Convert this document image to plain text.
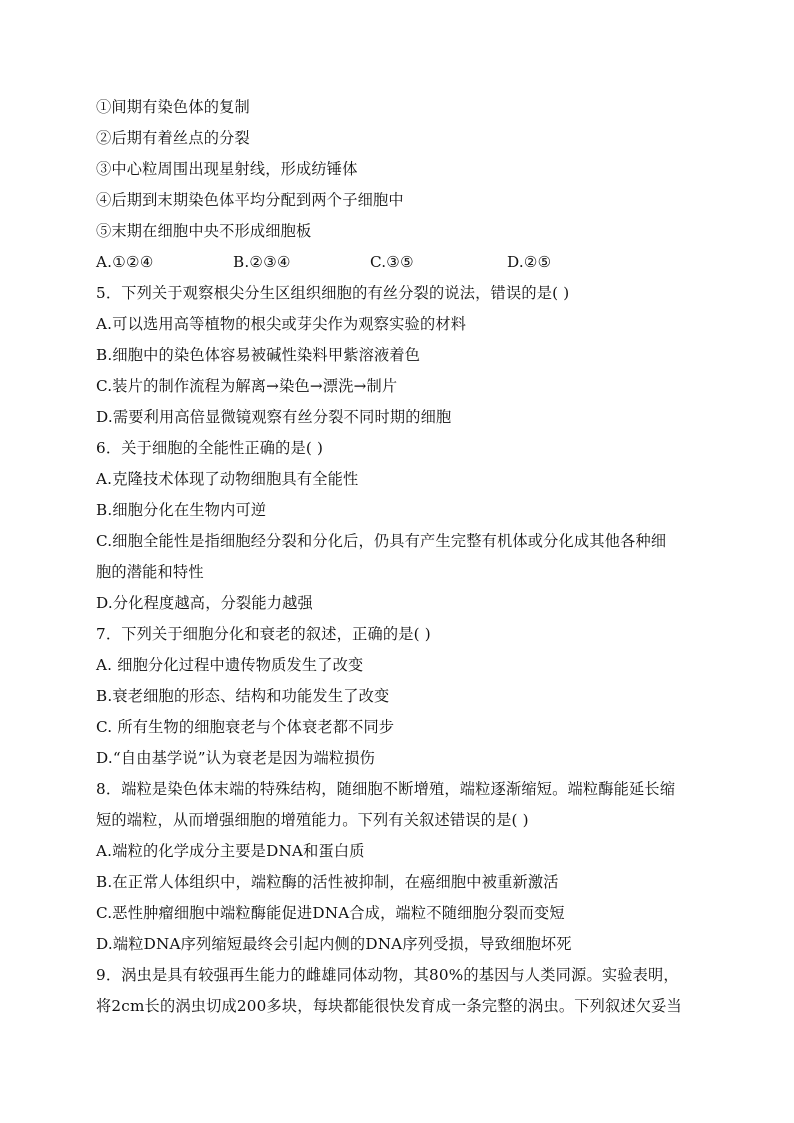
①间期有染色体的复制
②后期有着丝点的分裂
③中心粒周围出现星射线，形成纺锤体
④后期到末期染色体平均分配到两个子细胞中
⑤末期在细胞中央不形成细胞板
A.①②④	B.②③④	C.③⑤	D.②⑤
5．下列关于观察根尖分生区组织细胞的有丝分裂的说法，错误的是( )
A.可以选用高等植物的根尖或芽尖作为观察实验的材料
B.细胞中的染色体容易被碱性染料甲紫溶液着色
C.装片的制作流程为解离→染色→漂洗→制片
D.需要利用高倍显微镜观察有丝分裂不同时期的细胞
6．关于细胞的全能性正确的是( )
A.克隆技术体现了动物细胞具有全能性
B.细胞分化在生物内可逆
C.细胞全能性是指细胞经分裂和分化后，仍具有产生完整有机体或分化成其他各种细
胞的潜能和特性
D.分化程度越高，分裂能力越强
7．下列关于细胞分化和衰老的叙述，正确的是( )
A. 细胞分化过程中遗传物质发生了改变
B.衰老细胞的形态、结构和功能发生了改变
C. 所有生物的细胞衰老与个体衰老都不同步
D.“自由基学说”认为衰老是因为端粒损伤
8．端粒是染色体末端的特殊结构，随细胞不断增殖，端粒逐渐缩短。端粒酶能延长缩
短的端粒，从而增强细胞的增殖能力。下列有关叙述错误的是( )
A.端粒的化学成分主要是DNA和蛋白质
B.在正常人体组织中，端粒酶的活性被抑制，在癌细胞中被重新激活
C.恶性肿瘤细胞中端粒酶能促进DNA合成，端粒不随细胞分裂而变短
D.端粒DNA序列缩短最终会引起内侧的DNA序列受损，导致细胞坏死
9．涡虫是具有较强再生能力的雌雄同体动物，其80%的基因与人类同源。实验表明，
将2cm长的涡虫切成200多块，每块都能很快发育成一条完整的涡虫。下列叙述欠妥当
